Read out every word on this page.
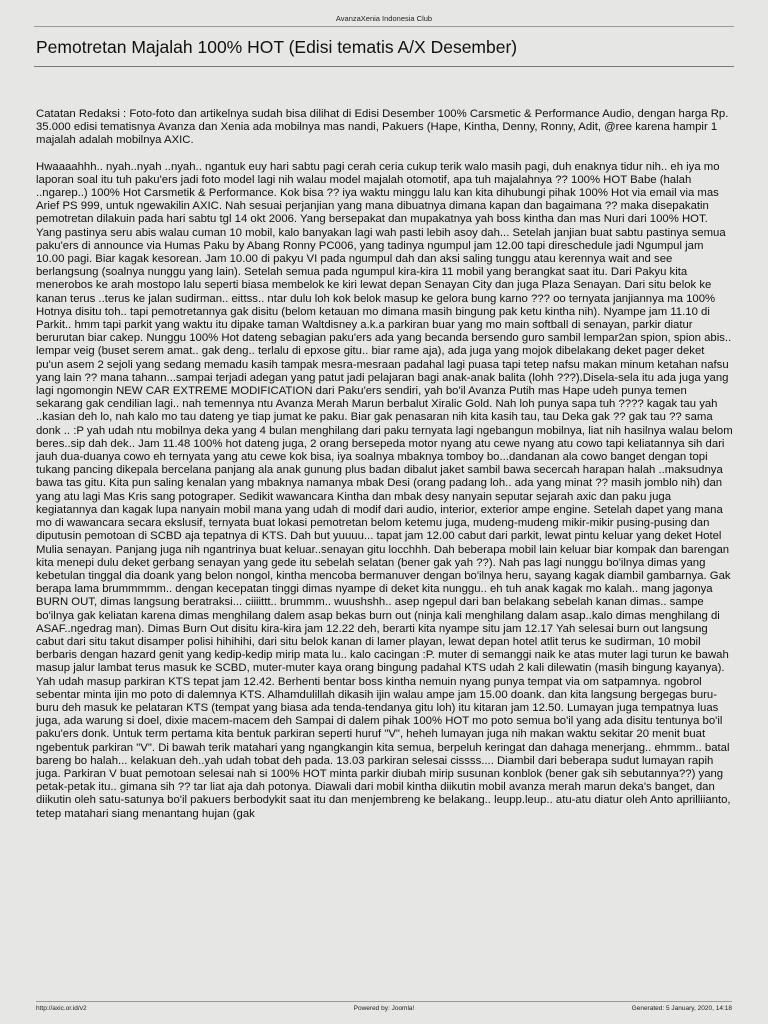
AvanzaXenia Indonesia Club
Pemotretan Majalah 100% HOT (Edisi tematis A/X Desember)

Catatan Redaksi : Foto-foto dan artikelnya sudah bisa dilihat di Edisi Desember 100% Carsmetic & Performance Audio, dengan harga Rp. 35.000 edisi tematisnya Avanza dan Xenia ada mobilnya mas nandi, Pakuers (Hape, Kintha, Denny, Ronny, Adit, @ree karena hampir 1 majalah adalah mobilnya AXIC.

Hwaaaahhh.. nyah..nyah ..nyah.. ngantuk euy hari sabtu pagi cerah ceria cukup terik walo masih pagi, duh enaknya tidur nih.. eh iya mo laporan soal itu tuh paku'ers jadi foto model lagi nih walau model majalah otomotif, apa tuh majalahnya ?? 100% HOT Babe (halah ..ngarep..) 100% Hot Carsmetik & Performance. Kok bisa ?? iya waktu minggu lalu kan kita dihubungi pihak 100% Hot via email via mas Arief PS 999, untuk ngewakilin AXIC. Nah sesuai perjanjian yang mana dibuatnya dimana kapan dan bagaimana ?? maka disepakatin pemotretan dilakuin pada hari sabtu tgl 14 okt 2006. Yang bersepakat dan mupakatnya yah boss kintha dan mas Nuri dari 100% HOT. Yang pastinya seru abis walau cuman 10 mobil, kalo banyakan lagi wah pasti lebih asoy dah... Setelah janjian buat sabtu pastinya semua paku'ers di announce via Humas Paku by Abang Ronny PC006, yang tadinya ngumpul jam 12.00 tapi direschedule jadi Ngumpul jam 10.00 pagi. Biar kagak kesorean. Jam 10.00 di pakyu VI pada ngumpul dah dan aksi saling tunggu atau kerennya wait and see berlangsung (soalnya nunggu yang lain). Setelah semua pada ngumpul kira-kira 11 mobil yang berangkat saat itu. Dari Pakyu kita menerobos ke arah mostopo lalu seperti biasa membelok ke kiri lewat depan Senayan City dan juga Plaza Senayan. Dari situ belok ke kanan terus ..terus ke jalan sudirman.. eittss.. ntar dulu loh kok belok masup ke gelora bung karno ??? oo ternyata janjiannya ma 100% Hotnya disitu toh.. tapi pemotretannya gak disitu (belom ketauan mo dimana masih bingung pak ketu kintha nih). Nyampe jam 11.10 di Parkit.. hmm tapi parkit yang waktu itu dipake taman Waltdisney a.k.a parkiran buar yang mo main softball di senayan, parkir diatur berurutan biar cakep. Nunggu 100% Hot dateng sebagian paku'ers ada yang becanda bersendo guro sambil lempar2an spion, spion abis.. lempar veig (buset serem amat.. gak deng.. terlalu di epxose gitu.. biar rame aja), ada juga yang mojok dibelakang deket pager deket pu'un asem 2 sejoli yang sedang memadu kasih tampak mesra-mesraan padahal lagi puasa tapi tetep nafsu makan minum ketahan nafsu yang lain ?? mana tahann...sampai terjadi adegan yang patut jadi pelajaran bagi anak-anak balita (lohh ???).Disela-sela itu ada juga yang lagi ngomongin NEW CAR EXTREME MODIFICATION dari Paku'ers sendiri, yah bo'il Avanza Putih mas Hape udeh punya temen sekarang gak cendilian lagi.. nah temennya ntu Avanza Merah Marun berbalut Xiralic Gold. Nah loh punya sapa tuh ???? kagak tau yah ..kasian deh lo, nah kalo mo tau dateng ye tiap jumat ke paku. Biar gak penasaran nih kita kasih tau, tau Deka gak ?? gak tau ?? sama donk .. :P yah udah ntu mobilnya deka yang 4 bulan menghilang dari paku ternyata lagi ngebangun mobilnya, liat nih hasilnya walau belom beres..sip dah dek.. Jam 11.48 100% hot dateng juga, 2 orang bersepeda motor nyang atu cewe nyang atu cowo tapi keliatannya sih dari jauh dua-duanya cowo eh ternyata yang atu cewe kok bisa, iya soalnya mbaknya tomboy bo...dandanan ala cowo banget dengan topi tukang pancing dikepala bercelana panjang ala anak gunung plus badan dibalut jaket sambil bawa secercah harapan halah ..maksudnya bawa tas gitu. Kita pun saling kenalan yang mbaknya namanya mbak Desi (orang padang loh.. ada yang minat ?? masih jomblo nih) dan yang atu lagi Mas Kris sang potograper. Sedikit wawancara Kintha dan mbak desy nanyain seputar sejarah axic dan paku juga kegiatannya dan kagak lupa nanyain mobil mana yang udah di modif dari audio, interior, exterior ampe engine. Setelah dapet yang mana mo di wawancara secara ekslusif, ternyata buat lokasi pemotretan belom ketemu juga, mudeng-mudeng mikir-mikir pusing-pusing dan diputusin pemotoan di SCBD aja tepatnya di KTS. Dah but yuuuu... tapat jam 12.00 cabut dari parkit, lewat pintu keluar yang deket Hotel Mulia senayan. Panjang juga nih ngantrinya buat keluar..senayan gitu locchhh. Dah beberapa mobil lain keluar biar kompak dan barengan kita menepi dulu deket gerbang senayan yang gede itu sebelah selatan (bener gak yah ??). Nah pas lagi nunggu bo'ilnya dimas yang kebetulan tinggal dia doank yang belon nongol, kintha mencoba bermanuver dengan bo'ilnya heru, sayang kagak diambil gambarnya. Gak berapa lama brummmmm.. dengan kecepatan tinggi dimas nyampe di deket kita nunggu.. eh tuh anak kagak mo kalah.. mang jagonya BURN OUT, dimas langsung beratraksi... ciiiittt.. brummm.. wuushshh.. asep ngepul dari ban belakang sebelah kanan dimas.. sampe bo'ilnya gak keliatan karena dimas menghilang dalem asap bekas burn out (ninja kali menghilang dalam asap..kalo dimas menghilang di ASAF..ngedrag man). Dimas Burn Out disitu kira-kira jam 12.22 deh, berarti kita nyampe situ jam 12.17 Yah selesai burn out langsung cabut dari situ takut disamper polisi hihihihi, dari situ belok kanan di lamer playan, lewat depan hotel atlit terus ke sudirman, 10 mobil berbaris dengan hazard genit yang kedip-kedip mirip mata lu.. kalo cacingan :P. muter di semanggi naik ke atas muter lagi turun ke bawah masup jalur lambat terus masuk ke SCBD, muter-muter kaya orang bingung padahal KTS udah 2 kali dilewatin (masih bingung kayanya). Yah udah masup parkiran KTS tepat jam 12.42. Berhenti bentar boss kintha nemuin nyang punya tempat via om satpamnya. ngobrol sebentar minta ijin mo poto di dalemnya KTS. Alhamdulillah dikasih ijin walau ampe jam 15.00 doank. dan kita langsung bergegas buru-buru deh masuk ke pelataran KTS (tempat yang biasa ada tenda-tendanya gitu loh) itu kitaran jam 12.50. Lumayan juga tempatnya luas juga, ada warung si doel, dixie macem-macem deh Sampai di dalem pihak 100% HOT mo poto semua bo'il yang ada disitu tentunya bo'il paku'ers donk. Untuk term pertama kita bentuk parkiran seperti huruf "V", heheh lumayan juga nih makan waktu sekitar 20 menit buat ngebentuk parkiran "V". Di bawah terik matahari yang ngangkangin kita semua, berpeluh keringat dan dahaga menerjang.. ehmmm.. batal bareng bo halah... kelakuan deh..yah udah tobat deh pada. 13.03 parkiran selesai cissss.... Diambil dari beberapa sudut lumayan rapih juga. Parkiran V buat pemotoan selesai nah si 100% HOT minta parkir diubah mirip susunan konblok (bener gak sih sebutannya??) yang petak-petak itu.. gimana sih ?? tar liat aja dah potonya. Diawali dari mobil kintha diikutin mobil avanza merah marun deka's banget, dan diikutin oleh satu-satunya bo'il pakuers berbodykit saat itu dan menjembreng ke belakang.. leupp.leup.. atu-atu diatur oleh Anto aprilliianto, tetep matahari siang menantang hujan (gak

http://axic.or.id/v2	Powered by: Joomla!	Generated: 5 January, 2020, 14:18
